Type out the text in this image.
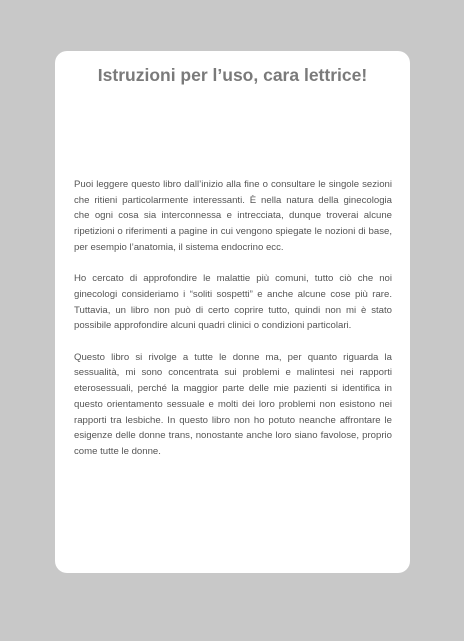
Istruzioni per l’uso, cara lettrice!

Puoi leggere questo libro dall’inizio alla fine o consultare le singole sezioni che ritieni particolarmente interessanti. È nella natura della ginecologia che ogni cosa sia interconnessa e intrecciata, dunque troverai alcune ripetizioni o riferimenti a pagine in cui vengono spiegate le nozioni di base, per esempio l’anatomia, il sistema endocrino ecc.

Ho cercato di approfondire le malattie più comuni, tutto ciò che noi ginecologi consideriamo i “soliti sospetti” e anche alcune cose più rare. Tuttavia, un libro non può di certo coprire tutto, quindi non mi è stato possibile approfondire alcuni quadri clinici o condizioni particolari.

Questo libro si rivolge a tutte le donne ma, per quanto riguarda la sessualità, mi sono concentrata sui problemi e malintesi nei rapporti eterosessuali, perché la maggior parte delle mie pazienti si identifica in questo orientamento sessuale e molti dei loro problemi non esistono nei rapporti tra lesbiche. In questo libro non ho potuto neanche affrontare le esigenze delle donne trans, nonostante anche loro siano favolose, proprio come tutte le donne.
